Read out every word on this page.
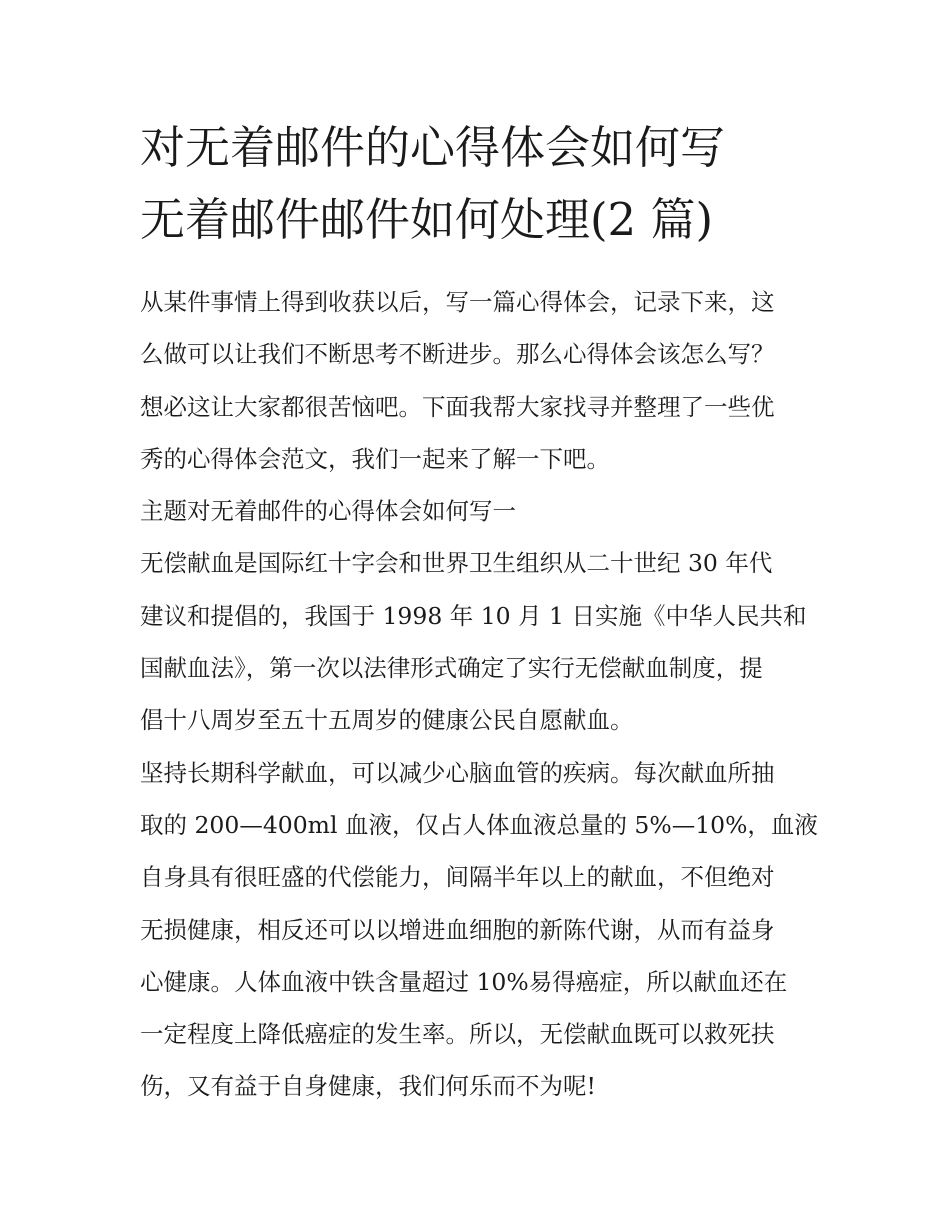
对无着邮件的心得体会如何写
无着邮件邮件如何处理(2 篇)

从某件事情上得到收获以后，写一篇心得体会，记录下来，这
么做可以让我们不断思考不断进步。那么心得体会该怎么写？
想必这让大家都很苦恼吧。下面我帮大家找寻并整理了一些优
秀的心得体会范文，我们一起来了解一下吧。

主题对无着邮件的心得体会如何写一

无偿献血是国际红十字会和世界卫生组织从二十世纪 30 年代
建议和提倡的，我国于 1998 年 10 月 1 日实施《中华人民共和
国献血法》，第一次以法律形式确定了实行无偿献血制度，提
倡十八周岁至五十五周岁的健康公民自愿献血。

坚持长期科学献血，可以减少心脑血管的疾病。每次献血所抽
取的 200—400ml 血液，仅占人体血液总量的 5%—10%，血液
自身具有很旺盛的代偿能力，间隔半年以上的献血，不但绝对
无损健康，相反还可以以增进血细胞的新陈代谢，从而有益身
心健康。人体血液中铁含量超过 10%易得癌症，所以献血还在
一定程度上降低癌症的发生率。所以，无偿献血既可以救死扶
伤，又有益于自身健康，我们何乐而不为呢!
